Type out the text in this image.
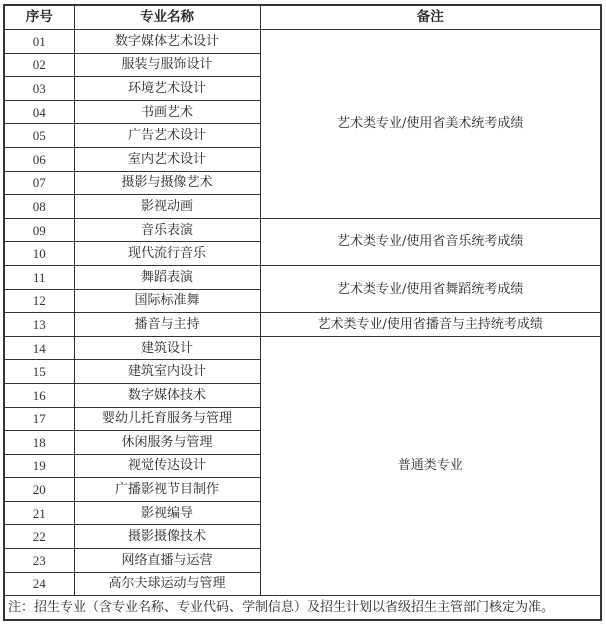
序号	专业名称	备注
01	数字媒体艺术设计	艺术类专业/使用省美术统考成绩
02	服装与服饰设计	
03	环境艺术设计	
04	书画艺术	
05	广告艺术设计	
06	室内艺术设计	
07	摄影与摄像艺术	
08	影视动画	
09	音乐表演	艺术类专业/使用省音乐统考成绩
10	现代流行音乐	
11	舞蹈表演	艺术类专业/使用省舞蹈统考成绩
12	国际标准舞	
13	播音与主持	艺术类专业/使用省播音与主持统考成绩
14	建筑设计	普通类专业
15	建筑室内设计	
16	数字媒体技术	
17	婴幼儿托育服务与管理	
18	休闲服务与管理	
19	视觉传达设计	
20	广播影视节目制作	
21	影视编导	
22	摄影摄像技术	
23	网络直播与运营	
24	高尔夫球运动与管理	
注：招生专业（含专业名称、专业代码、学制信息）及招生计划以省级招生主管部门核定为准。		
